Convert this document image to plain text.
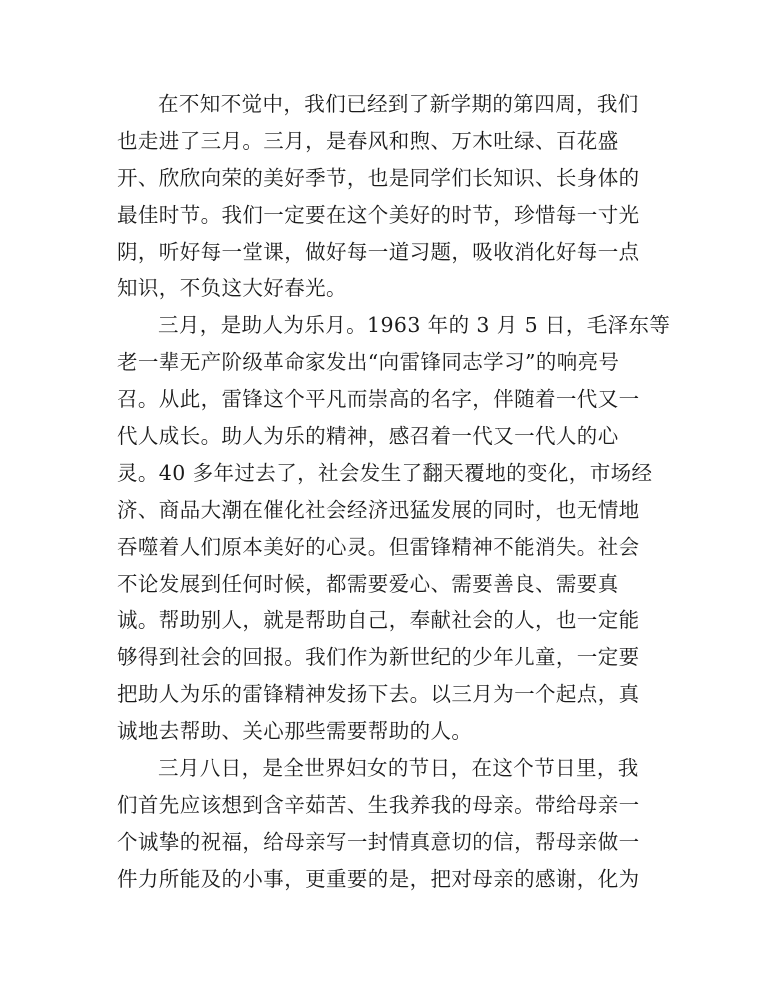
在不知不觉中，我们已经到了新学期的第四周，我们
也走进了三月。三月，是春风和煦、万木吐绿、百花盛
开、欣欣向荣的美好季节，也是同学们长知识、长身体的
最佳时节。我们一定要在这个美好的时节，珍惜每一寸光
阴，听好每一堂课，做好每一道习题，吸收消化好每一点
知识，不负这大好春光。
三月，是助人为乐月。1963 年的 3 月 5 日，毛泽东等
老一辈无产阶级革命家发出“向雷锋同志学习”的响亮号
召。从此，雷锋这个平凡而崇高的名字，伴随着一代又一
代人成长。助人为乐的精神，感召着一代又一代人的心
灵。40 多年过去了，社会发生了翻天覆地的变化，市场经
济、商品大潮在催化社会经济迅猛发展的同时，也无情地
吞噬着人们原本美好的心灵。但雷锋精神不能消失。社会
不论发展到任何时候，都需要爱心、需要善良、需要真
诚。帮助别人，就是帮助自己，奉献社会的人，也一定能
够得到社会的回报。我们作为新世纪的少年儿童，一定要
把助人为乐的雷锋精神发扬下去。以三月为一个起点，真
诚地去帮助、关心那些需要帮助的人。
三月八日，是全世界妇女的节日，在这个节日里，我
们首先应该想到含辛茹苦、生我养我的母亲。带给母亲一
个诚挚的祝福，给母亲写一封情真意切的信，帮母亲做一
件力所能及的小事，更重要的是，把对母亲的感谢，化为
